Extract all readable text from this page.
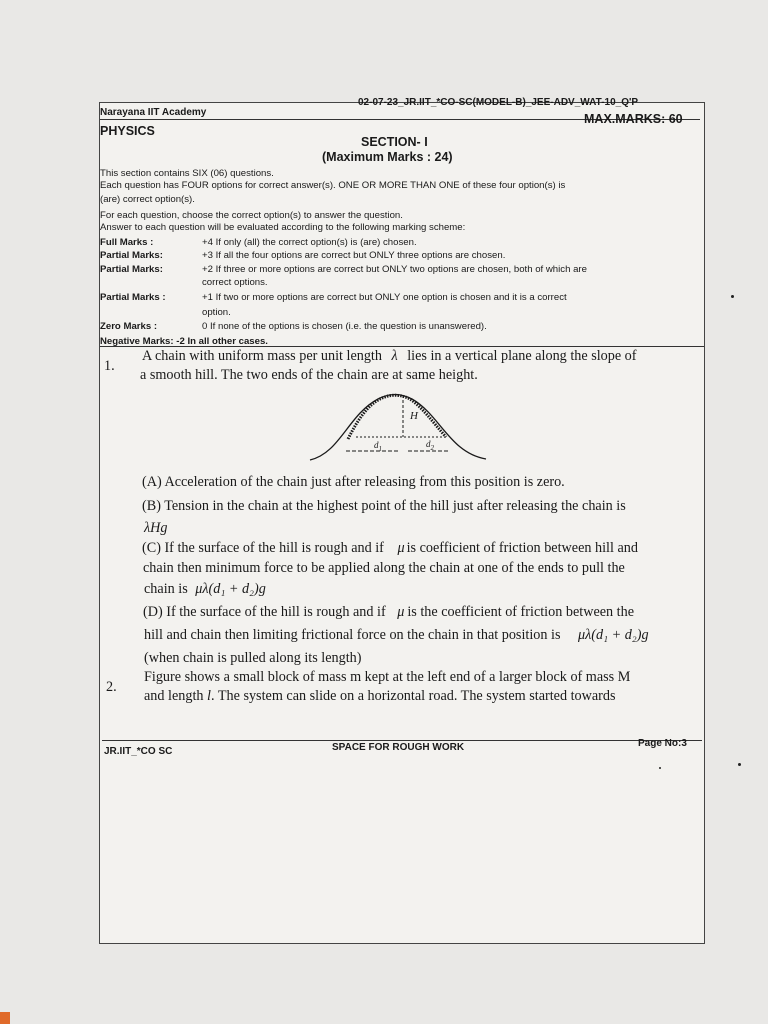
Narayana IIT Academy
02-07-23_JR.IIT_*CO-SC(MODEL-B)_JEE-ADV_WAT-10_Q'P
PHYSICS
MAX.MARKS: 60
SECTION- I
(Maximum Marks : 24)
This section contains SIX (06) questions.
Each question has FOUR options for correct answer(s). ONE OR MORE THAN ONE of these four option(s) is
(are) correct option(s).
For each question, choose the correct option(s) to answer the question.
Answer to each question will be evaluated according to the following marking scheme:
Full Marks :	+4 If only (all) the correct option(s) is (are) chosen.
Partial Marks:	+3 If all the four options are correct but ONLY three options are chosen.
Partial Marks:	+2 If three or more options are correct but ONLY two options are chosen, both of which are
correct options.
Partial Marks :	+1 If two or more options are correct but ONLY one option is chosen and it is a correct
option.
Zero Marks :	0 If none of the options is chosen (i.e. the question is unanswered).
Negative Marks: -2 In all other cases.
1.
A chain with uniform mass per unit length λ lies in a vertical plane along the slope of
a smooth hill. The two ends of the chain are at same height.
H
$d_1$	$d_2$
(A) Acceleration of the chain just after releasing from this position is zero.
(B) Tension in the chain at the highest point of the hill just after releasing the chain is
λHg
(C) If the surface of the hill is rough and if μ is coefficient of friction between hill and
chain then minimum force to be applied along the chain at one of the ends to pull the
chain is μλ(d₁ + d₂)g
(D) If the surface of the hill is rough and if μ is the coefficient of friction between the
hill and chain then limiting frictional force on the chain in that position is μλ(d₁ + d₂)g
(when chain is pulled along its length)
2.
Figure shows a small block of mass m kept at the left end of a larger block of mass M
and length l. The system can slide on a horizontal road. The system started towards
JR.IIT_*CO SC	SPACE FOR ROUGH WORK	Page No:3
